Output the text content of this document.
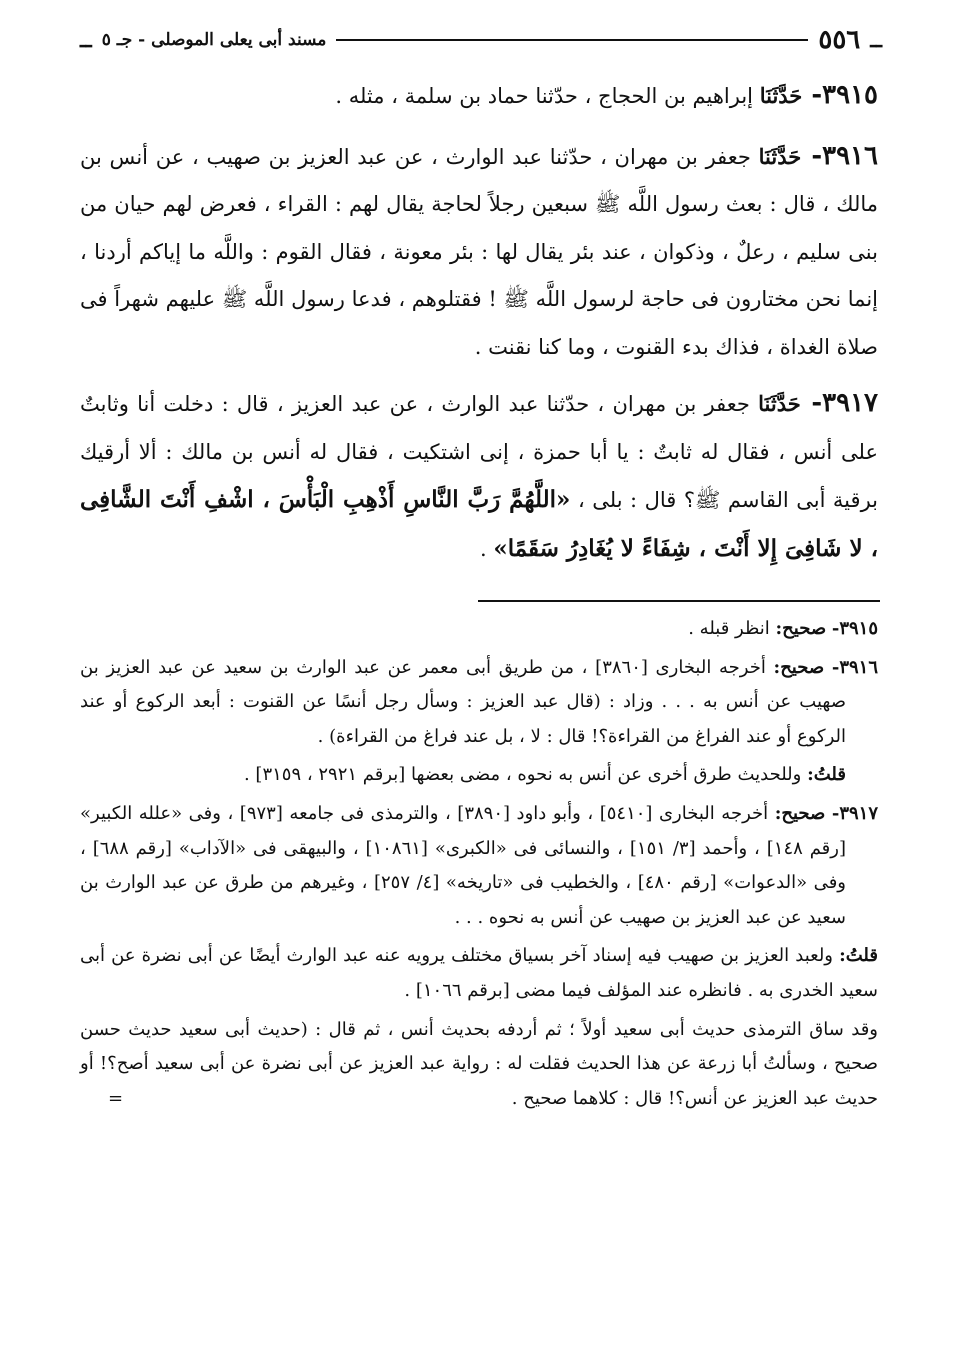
ــ
٥٥٦
مسند أبى يعلى الموصلى - جـ ٥
ــ

٣٩١٥- حَدَّثَنَا إبراهيم بن الحجاج ، حدّثنا حماد بن سلمة ، مثله .

٣٩١٦- حَدَّثَنَا جعفر بن مهران ، حدّثنا عبد الوارث ، عن عبد العزيز بن صهيب ، عن أنس بن مالك ، قال : بعث رسول اللَّه ﷺ سبعين رجلاً لحاجة يقال لهم : القراء ، فعرض لهم حيان من بنى سليم ، رعلٌ ، وذكوان ، عند بئر يقال لها : بئر معونة ، فقال القوم : واللَّه ما إياكم أردنا ، إنما نحن مختارون فى حاجة لرسول اللَّه ﷺ ! فقتلوهم ، فدعا رسول اللَّه ﷺ عليهم شهراً فى صلاة الغداة ، فذاك بدء القنوت ، وما كنا نقنت .

٣٩١٧- حَدَّثَنَا جعفر بن مهران ، حدّثنا عبد الوارث ، عن عبد العزيز ، قال : دخلت أنا وثابتٌ على أنس ، فقال له ثابتٌ : يا أبا حمزة ، إنى اشتكيت ، فقال له أنس بن مالك : ألا أرقيك برقية أبى القاسم ﷺ؟ قال : بلى ، «اللَّهُمَّ رَبَّ النَّاسِ أَذْهِبِ الْبَأْسَ ، اشْفِ أَنْتَ الشَّافِى ، لا شَافِىَ إِلا أَنْتَ ، شِفَاءً لا يُغَادِرُ سَقَمًا» .

٣٩١٥- صحيح: انظر قبله .

٣٩١٦- صحيح: أخرجه البخارى [٣٨٦٠] ، من طريق أبى معمر عن عبد الوارث بن سعيد عن عبد العزيز بن صهيب عن أنس به . . . وزاد : (قال عبد العزيز : وسأل رجل أنسًا عن القنوت : أبعد الركوع أو عند الركوع أو عند الفراغ من القراءة؟! قال : لا ، بل عند فراغ من القراءة) .

قلتُ: وللحديث طرق أخرى عن أنس به نحوه ، مضى بعضها [برقم ٢٩٢١ ، ٣١٥٩] .

٣٩١٧- صحيح: أخرجه البخارى [٥٤١٠] ، وأبو داود [٣٨٩٠] ، والترمذى فى جامعه [٩٧٣] ، وفى «علله الكبير» [رقم ١٤٨] ، وأحمد [٣/ ١٥١] ، والنسائى فى «الكبرى» [١٠٨٦١] ، والبيهقى فى «الآداب» [رقم ٦٨٨] ، وفى «الدعوات» [رقم ٤٨٠] ، والخطيب فى «تاريخه» [٤/ ٢٥٧] ، وغيرهم من طرق عن عبد الوارث بن سعيد عن عبد العزيز بن صهيب عن أنس به نحوه . . .

قلتُ: ولعبد العزيز بن صهيب فيه إسناد آخر بسياق مختلف يرويه عنه عبد الوارث أيضًا عن أبى نضرة عن أبى سعيد الخدرى به . فانظره عند المؤلف فيما مضى [برقم ١٠٦٦] .

وقد ساق الترمذى حديث أبى سعيد أولاً ؛ ثم أردفه بحديث أنس ، ثم قال : (حديث أبى سعيد حديث حسن صحيح ، وسألتُ أبا زرعة عن هذا الحديث فقلت له : رواية عبد العزيز عن أبى نضرة عن أبى سعيد أصح؟! أو حديث عبد العزيز عن أنس؟! قال : كلاهما صحيح .
=
